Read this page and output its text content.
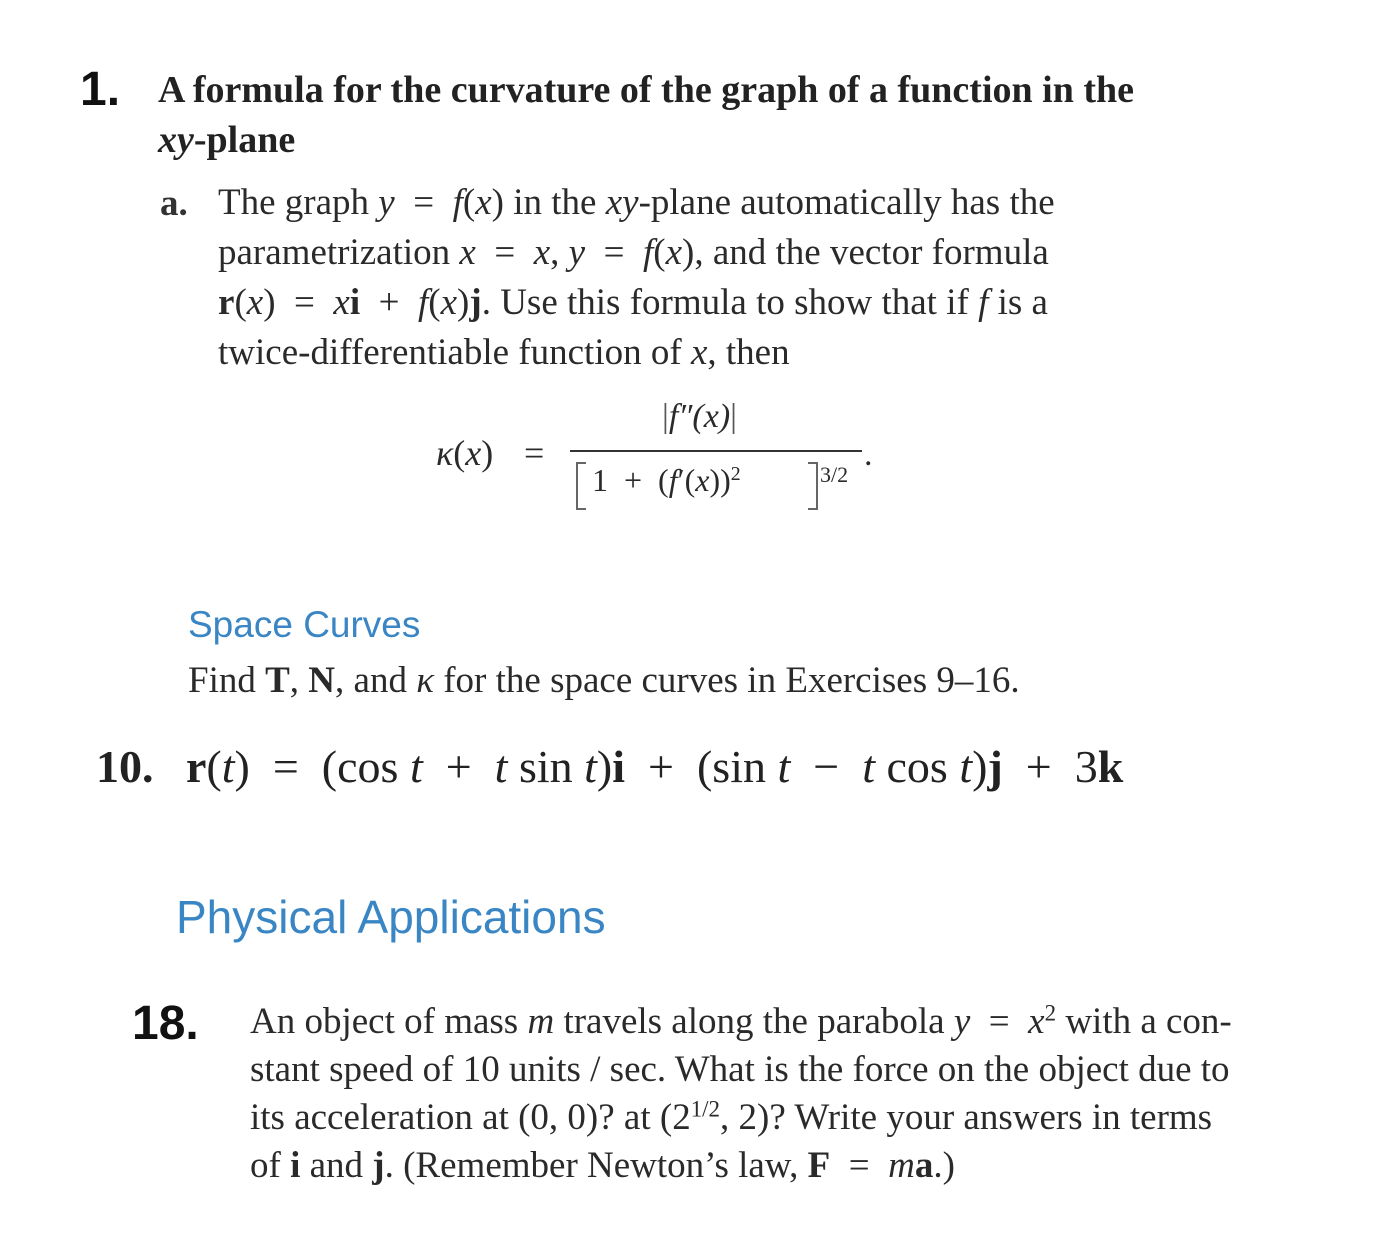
1. A formula for the curvature of the graph of a function in the
xy-plane
a. The graph y  =  f(x) in the xy-plane automatically has the
parametrization x  =  x, y  =  f(x), and the vector formula
r(x)  =  xi  +  f(x)j. Use this formula to show that if f is a
twice-differentiable function of x, then
κ(x) =
|f″(x)|
$1 + (f'(x))^2$	3/2
.
Space Curves
Find T, N, and κ for the space curves in Exercises 9–16.
10. r(t)  =  (cos t  +  t sin t)i  +  (sin t  −  t cos t)j  +  3k
Physical Applications
18. An object of mass m travels along the parabola $y = x^2$ with a con-
stant speed of 10 units / sec. What is the force on the object due to
its acceleration at (0, 0)? at ($2^{1/2}$, 2)? Write your answers in terms
of i and j. (Remember Newton’s law, F  =  ma.)
